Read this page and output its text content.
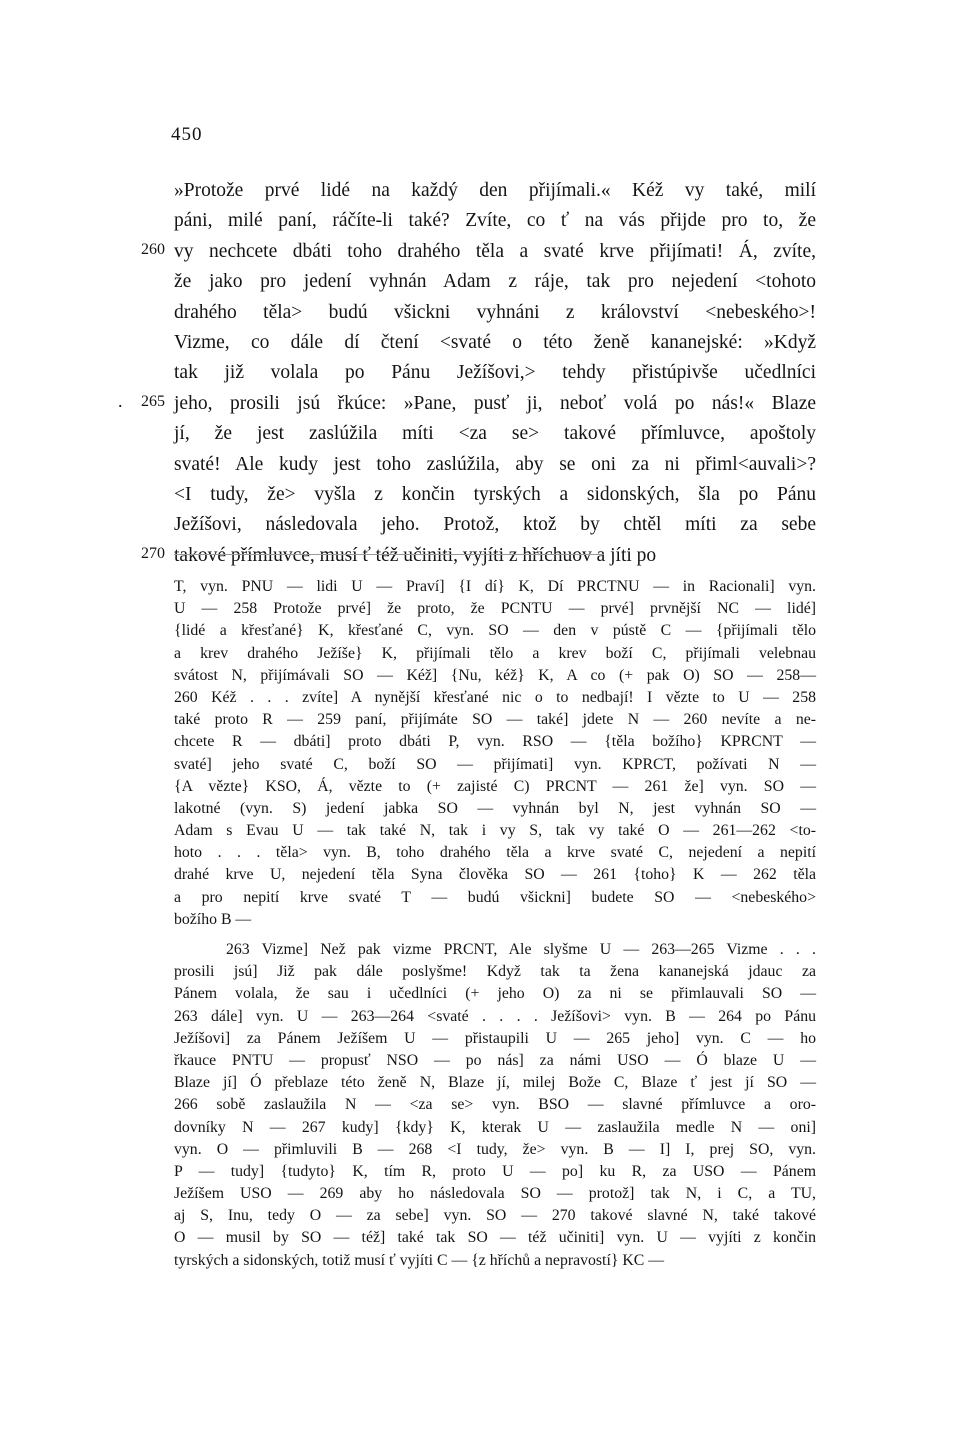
450
»Protože prvé lidé na každý den přijímali.« Kéž vy také, milí
páni, milé paní, ráčíte-li také? Zvíte, co ť na vás přijde pro to, že
260 vy nechcete dbáti toho drahého těla a svaté krve přijímati! Á, zvíte,
že jako pro jedení vyhnán Adam z ráje, tak pro nejedení <tohoto
drahého těla> budú všickni vyhnáni z království <nebeského>!
Vizme, co dále dí čtení <svaté o této ženě kananejské: »Když
tak již volala po Pánu Ježíšovi,> tehdy přistúpivše učedlníci
265
.	jeho, prosili jsú řkúce: »Pane, pusť ji, neboť volá po nás!« Blaze
jí, že jest zaslúžila míti <za se> takové přímluvce, apoštoly
svaté! Ale kudy jest toho zaslúžila, aby se oni za ni přiml<auvali>?
<I tudy, že> vyšla z končin tyrských a sidonských, šla po Pánu
Ježíšovi, následovala jeho. Protož, ktož by chtěl míti za sebe
270 takové přímluvce, musí ť též učiniti, vyjíti z hříchuov a jíti po
T, vyn. PNU — lidi U — Praví] {I dí} K, Dí PRCTNU — in Racionali] vyn.
U — 258 Protože prvé] že proto, že PCNTU — prvé] prvnější NC — lidé]
{lidé a křesťané} K, křesťané C, vyn. SO — den v pústě C — {přijímali tělo
a krev drahého Ježíše} K, přijímali tělo a krev boží C, přijímali velebnau
svátost N, přijímávali SO — Kéž] {Nu, kéž} K, A co (+ pak O) SO — 258—
260 Kéž . . . zvíte] A nynější křesťané nic o to nedbají! I vězte to U — 258
také proto R — 259 paní, přijímáte SO — také] jdete N — 260 nevíte a ne-
chcete R — dbáti] proto dbáti P, vyn. RSO — {těla božího} KPRCNT —
svaté] jeho svaté C, boží SO — přijímati] vyn. KPRCT, požívati N —
{A vězte} KSO, Á, vězte to (+ zajisté C) PRCNT — 261 že] vyn. SO —
lakotné (vyn. S) jedení jabka SO — vyhnán byl N, jest vyhnán SO —
Adam s Evau U — tak také N, tak i vy S, tak vy také O — 261—262 <to-
hoto . . . těla> vyn. B, toho drahého těla a krve svaté C, nejedení a nepití
drahé krve U, nejedení těla Syna člověka SO — 261 {toho} K — 262 těla
a pro nepití krve svaté T — budú všickni] budete SO — <nebeského>
božího B —
263 Vizme] Než pak vizme PRCNT, Ale slyšme U — 263—265 Vizme . . .
prosili jsú] Již pak dále poslyšme! Když tak ta žena kananejská jdauc za
Pánem volala, že sau i učedlníci (+ jeho O) za ni se přimlauvali SO —
263 dále] vyn. U — 263—264 <svaté . . . . Ježíšovi> vyn. B — 264 po Pánu
Ježíšovi] za Pánem Ježíšem U — přistaupili U — 265 jeho] vyn. C — ho
řkauce PNTU — propusť NSO — po nás] za námi USO — Ó blaze U —
Blaze jí] Ó přeblaze této ženě N, Blaze jí, milej Bože C, Blaze ť jest jí SO —
266 sobě zaslaužila N — <za se> vyn. BSO — slavné přímluvce a oro-
dovníky N — 267 kudy] {kdy} K, kterak U — zaslaužila medle N — oni]
vyn. O — přimluvili B — 268 <I tudy, že> vyn. B — I] I, prej SO, vyn.
P — tudy] {tudyto} K, tím R, proto U — po] ku R, za USO — Pánem
Ježíšem USO — 269 aby ho následovala SO — protož] tak N, i C, a TU,
aj S, Inu, tedy O — za sebe] vyn. SO — 270 takové slavné N, také takové
O — musil by SO — též] také tak SO — též učiniti] vyn. U — vyjíti z končin
tyrských a sidonských, totiž musí ť vyjíti C — {z hříchů a nepravostí} KC —
